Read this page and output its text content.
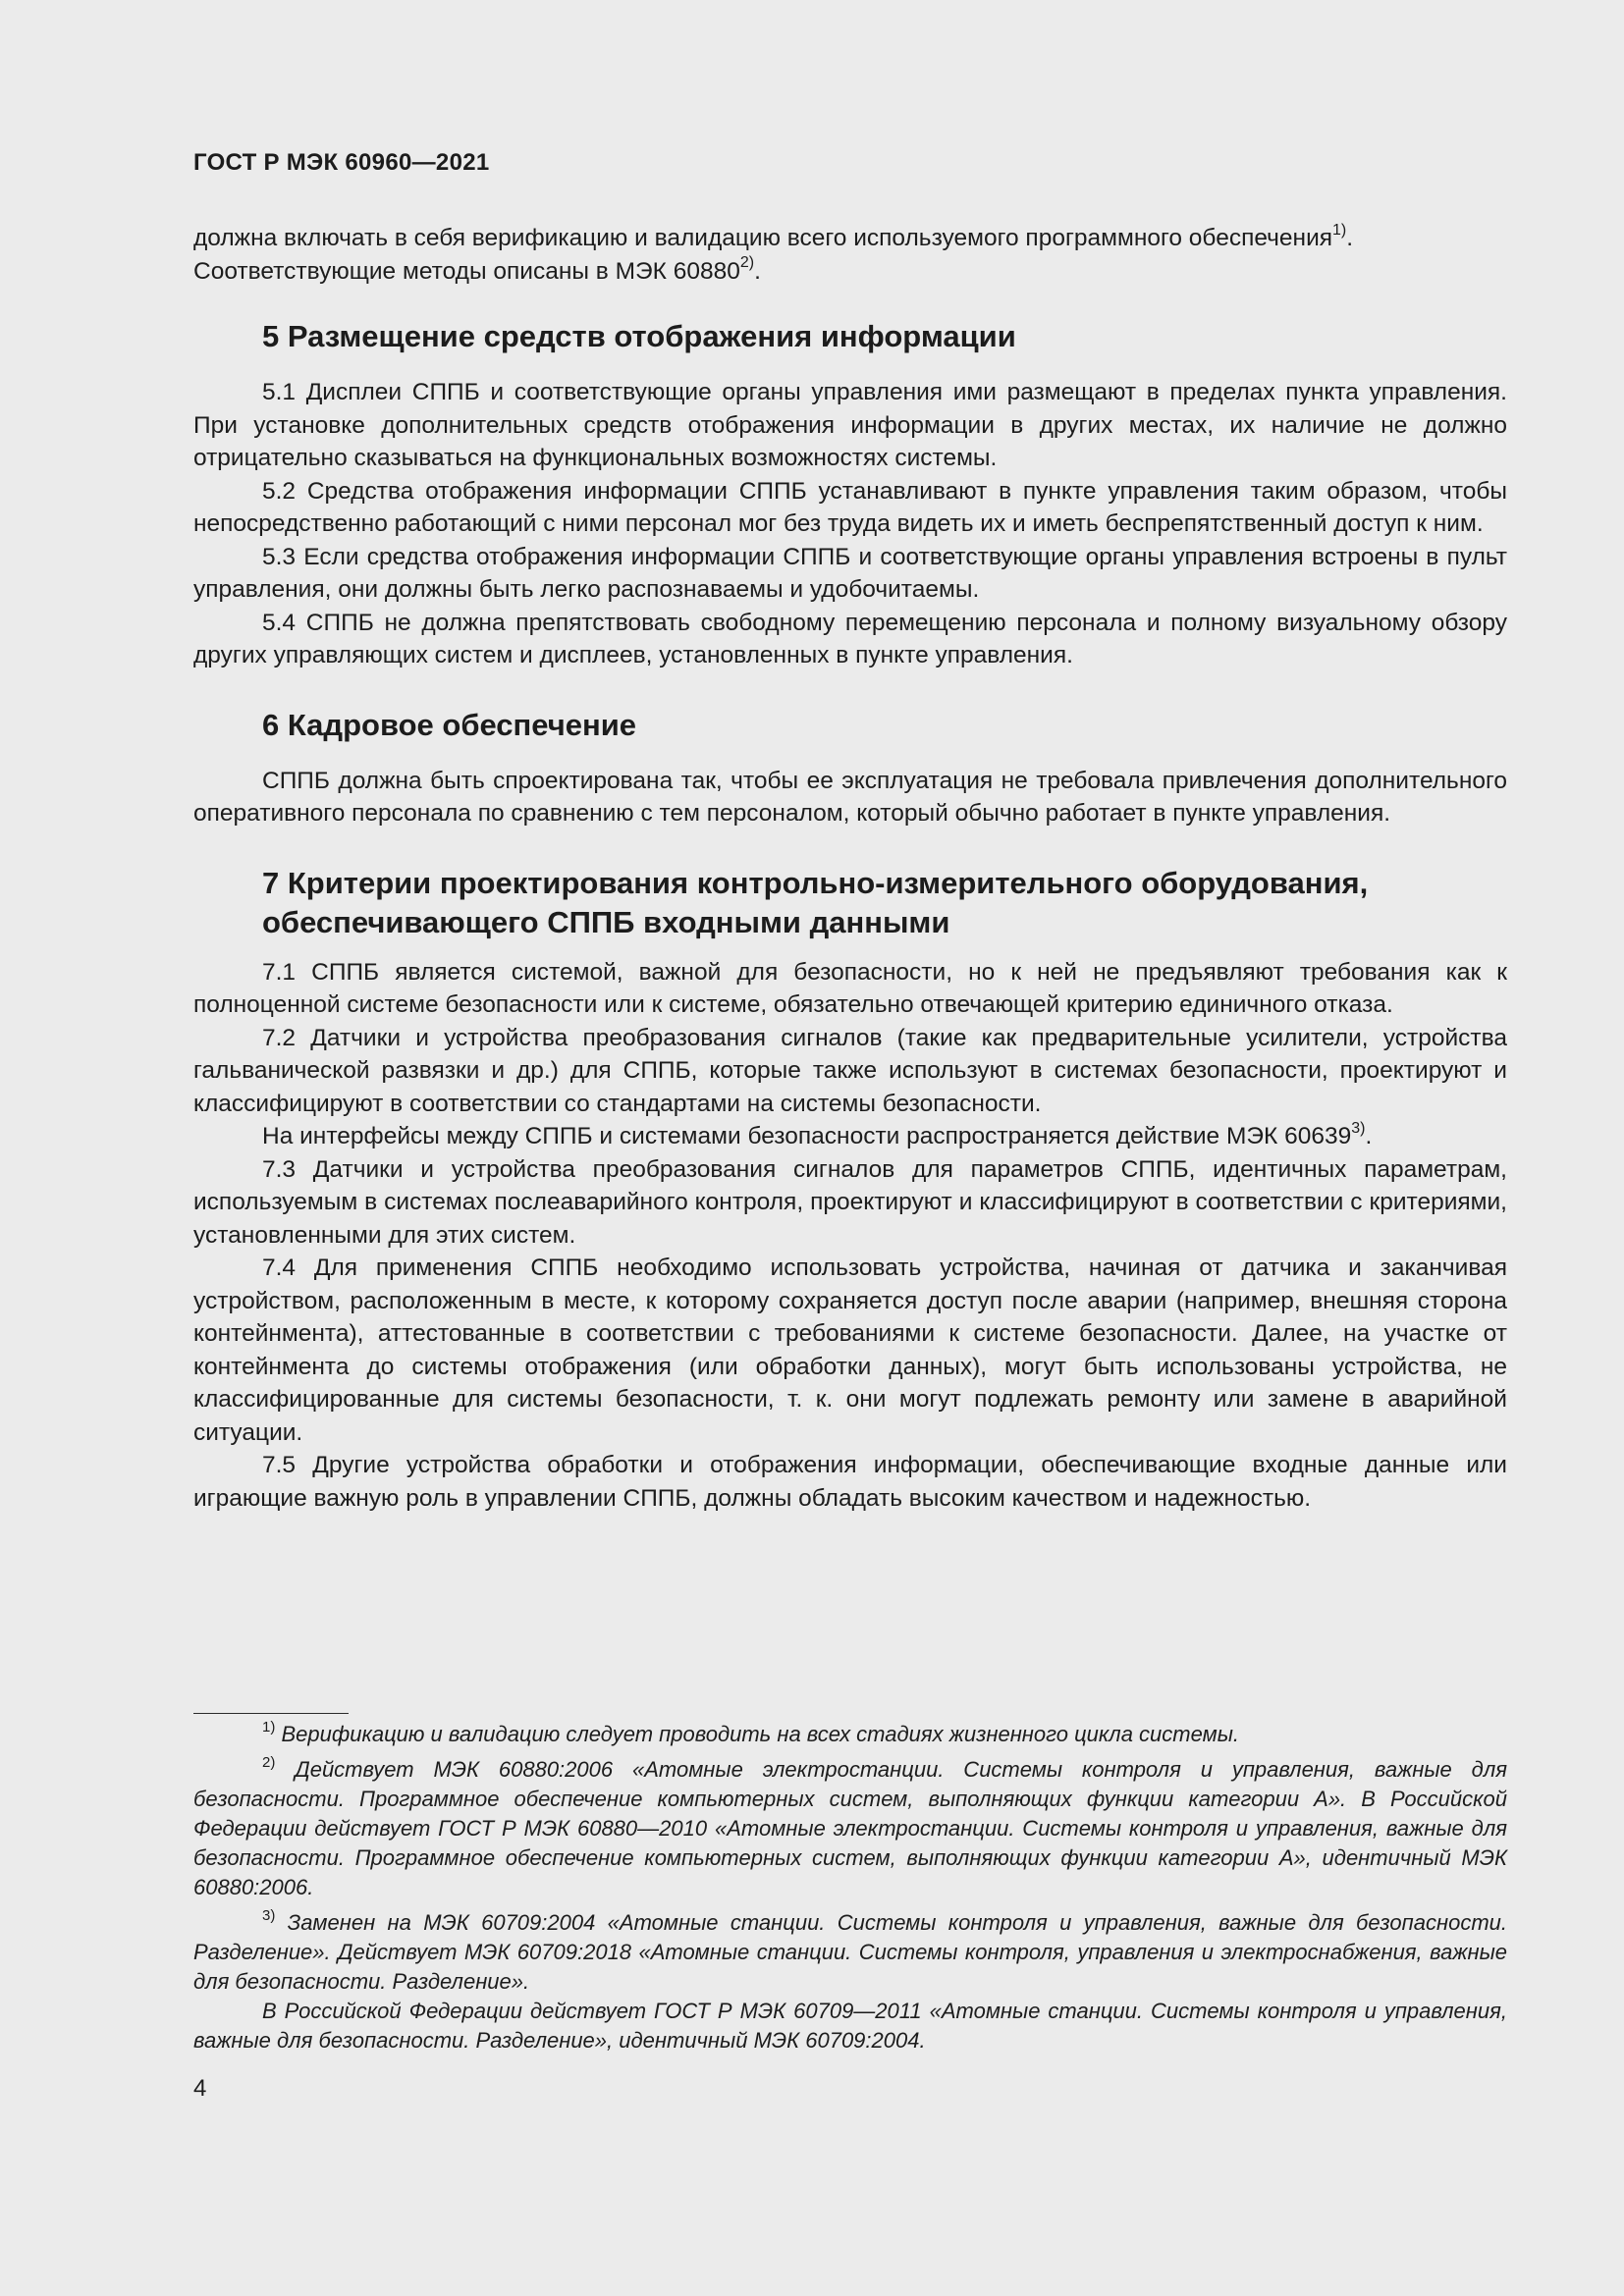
ГОСТ Р МЭК 60960—2021

должна включать в себя верификацию и валидацию всего используемого программного обеспечения$^{1)}$.
Соответствующие методы описаны в МЭК 60880$^{2)}$.

5 Размещение средств отображения информации

5.1 Дисплеи СППБ и соответствующие органы управления ими размещают в пределах пункта управления. При установке дополнительных средств отображения информации в других местах, их наличие не должно отрицательно сказываться на функциональных возможностях системы.

5.2 Средства отображения информации СППБ устанавливают в пункте управления таким образом, чтобы непосредственно работающий с ними персонал мог без труда видеть их и иметь беспрепятственный доступ к ним.

5.3 Если средства отображения информации СППБ и соответствующие органы управления встроены в пульт управления, они должны быть легко распознаваемы и удобочитаемы.

5.4 СППБ не должна препятствовать свободному перемещению персонала и полному визуальному обзору других управляющих систем и дисплеев, установленных в пункте управления.

6 Кадровое обеспечение

СППБ должна быть спроектирована так, чтобы ее эксплуатация не требовала привлечения дополнительного оперативного персонала по сравнению с тем персоналом, который обычно работает в пункте управления.

7 Критерии проектирования контрольно-измерительного оборудования,
обеспечивающего СППБ входными данными

7.1 СППБ является системой, важной для безопасности, но к ней не предъявляют требования как к полноценной системе безопасности или к системе, обязательно отвечающей критерию единичного отказа.

7.2 Датчики и устройства преобразования сигналов (такие как предварительные усилители, устройства гальванической развязки и др.) для СППБ, которые также используют в системах безопасности, проектируют и классифицируют в соответствии со стандартами на системы безопасности.

На интерфейсы между СППБ и системами безопасности распространяется действие МЭК 60639$^{3)}$.

7.3 Датчики и устройства преобразования сигналов для параметров СППБ, идентичных параметрам, используемым в системах послеаварийного контроля, проектируют и классифицируют в соответствии с критериями, установленными для этих систем.

7.4 Для применения СППБ необходимо использовать устройства, начиная от датчика и заканчивая устройством, расположенным в месте, к которому сохраняется доступ после аварии (например, внешняя сторона контейнмента), аттестованные в соответствии с требованиями к системе безопасности. Далее, на участке от контейнмента до системы отображения (или обработки данных), могут быть использованы устройства, не классифицированные для системы безопасности, т. к. они могут подлежать ремонту или замене в аварийной ситуации.

7.5 Другие устройства обработки и отображения информации, обеспечивающие входные данные или играющие важную роль в управлении СППБ, должны обладать высоким качеством и надежностью.

$^{1)}$ Верификацию и валидацию следует проводить на всех стадиях жизненного цикла системы.

$^{2)}$ Действует МЭК 60880:2006 «Атомные электростанции. Системы контроля и управления, важные для безопасности. Программное обеспечение компьютерных систем, выполняющих функции категории А». В Российской Федерации действует ГОСТ Р МЭК 60880—2010 «Атомные электростанции. Системы контроля и управления, важные для безопасности. Программное обеспечение компьютерных систем, выполняющих функции категории А», идентичный МЭК 60880:2006.

$^{3)}$ Заменен на МЭК 60709:2004 «Атомные станции. Системы контроля и управления, важные для безопасности. Разделение». Действует МЭК 60709:2018 «Атомные станции. Системы контроля, управления и электроснабжения, важные для безопасности. Разделение».

В Российской Федерации действует ГОСТ Р МЭК 60709—2011 «Атомные станции. Системы контроля и управления, важные для безопасности. Разделение», идентичный МЭК 60709:2004.

4
